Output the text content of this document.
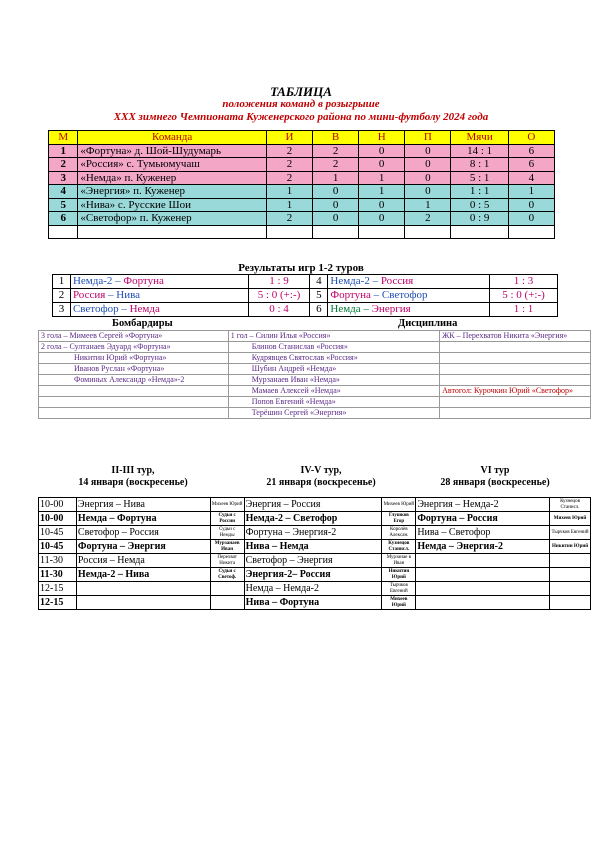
ТАБЛИЦА
положения команд в розыгрыше
XXX зимнего Чемпионата Куженерского района по мини-футболу 2024 года
М	Команда	И	В	Н	П	Мячи	О
1	«Фортуна» д. Шой-Шудумарь	2	2	0	0	14 : 1	6
2	«Россия» с. Тумьюмучаш	2	2	0	0	8 : 1	6
3	«Немда» п. Куженер	2	1	1	0	5 : 1	4
4	«Энергия» п. Куженер	1	0	1	0	1 : 1	1
5	«Нива» с. Русские Шои	1	0	0	1	0 : 5	0
6	«Светофор» п. Куженер	2	0	0	2	0 : 9	0

Результаты игр 1-2 туров
1	Немда-2 – Фортуна	1 : 9	4	Немда-2 – Россия	1 : 3
2	Россия – Нива	5 : 0 (+:-)	5	Фортуна – Светофор	5 : 0 (+:-)
3	Светофор – Немда	0 : 4	6	Немда – Энергия	1 : 1
Бомбардиры	Дисциплина
3 гола – Мимеев Сергей «Фортуна»	1 гол – Силин Илья «Россия»	ЖК – Перехватов Никита «Энергия»
2 гола – Султанаев Эдуард «Фортуна»	Блинов Станислав «Россия»	
Никитин Юрий «Фортуна»	Кудрявцев Святослав «Россия»	
Иванов Руслан «Фортуна»	Шубин Андрей «Немда»	
Фоминых Александр «Немда»-2	Мурзанаев Иван «Немда»	
	Мамаев Алексей «Немда»	Автогол: Курочкин Юрий «Светофор»
	Попов Евгений «Немда»	
	Терёшин Сергей «Энергия»	
II-III тур,
14 января (воскресенье)
IV-V тур,
21 января (воскресенье)
VI тур
28 января (воскресенье)
10-00	Энергия – Нива	Михеев Юрий	Энергия – Россия	Михеев Юрий	Энергия – Немда-2	Кузнецов Станисл.
10-00	Немда – Фортуна	Судьи с России	Немда-2 – Светофор	Глушков Егор	Фортуна – Россия	Михеев Юрий
10-45	Светофор – Россия	Судьи с Немды	Фортуна – Энергия-2	Королёв Алексан.	Нива – Светофор	Тырчков Евгений
10-45	Фортуна – Энергия	Мурзанаев Иван	Нива – Немда	Кузнецов Станисл.	Немда – Энергия-2	Никитин Юрий
11-30	Россия – Немда	Перехват Никита	Светофор – Энергия	Мурзанае в Иван		
11-30	Немда-2 – Нива	Судьи с Светоф.	Энергия-2– Россия	Никитин Юрий		
12-15			Немда – Немда-2	Тырчков Евгений		
12-15			Нива – Фортуна	Михеев Юрий		
